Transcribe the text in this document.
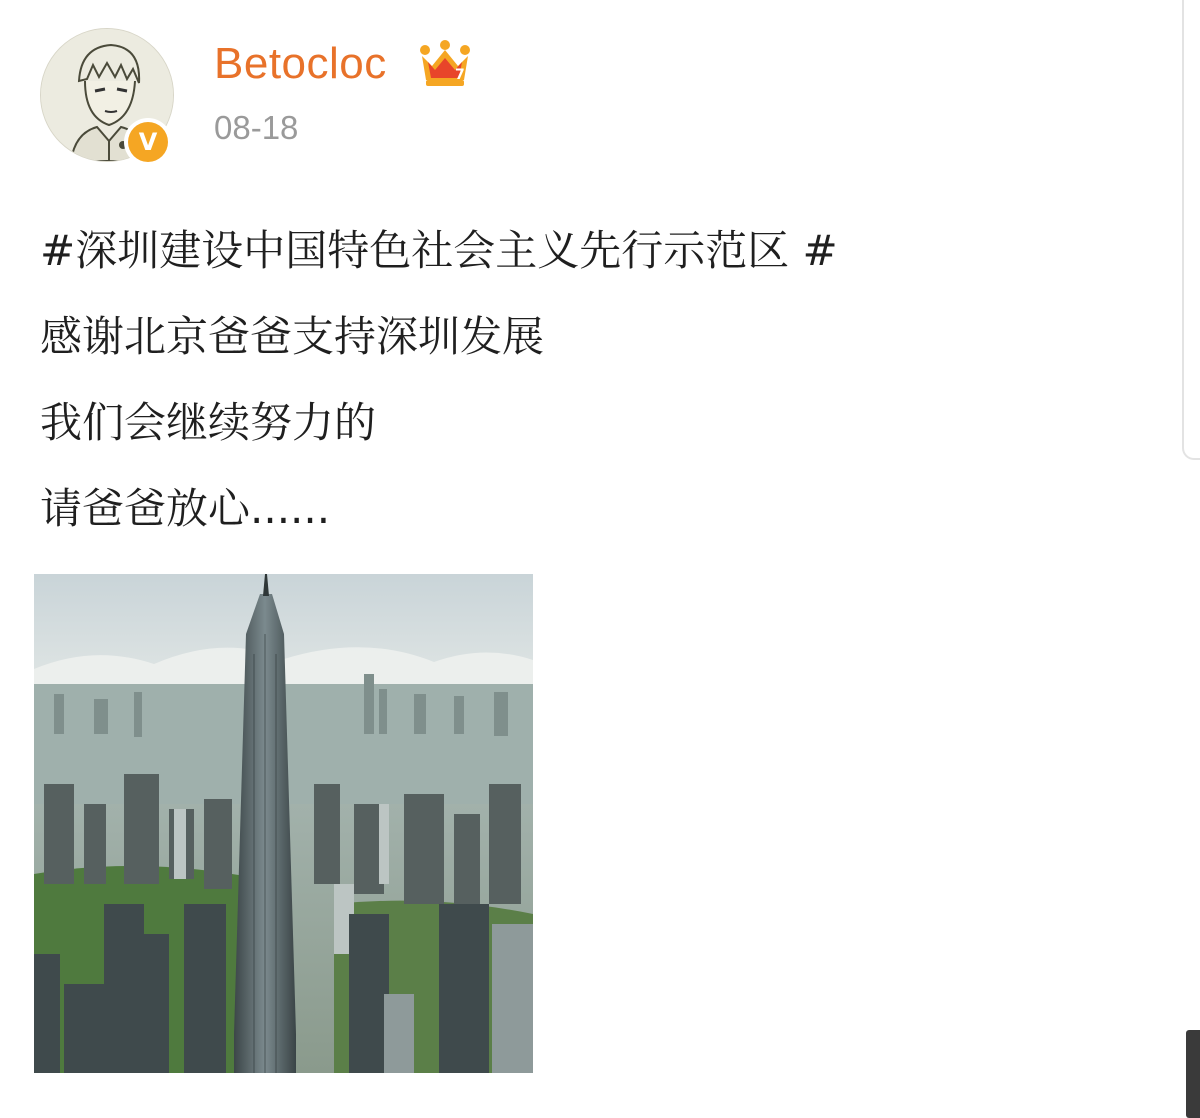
V
Betocloc	7
08-18
#深圳建设中国特色社会主义先行示范区 #
感谢北京爸爸支持深圳发展
我们会继续努力的
请爸爸放心......
